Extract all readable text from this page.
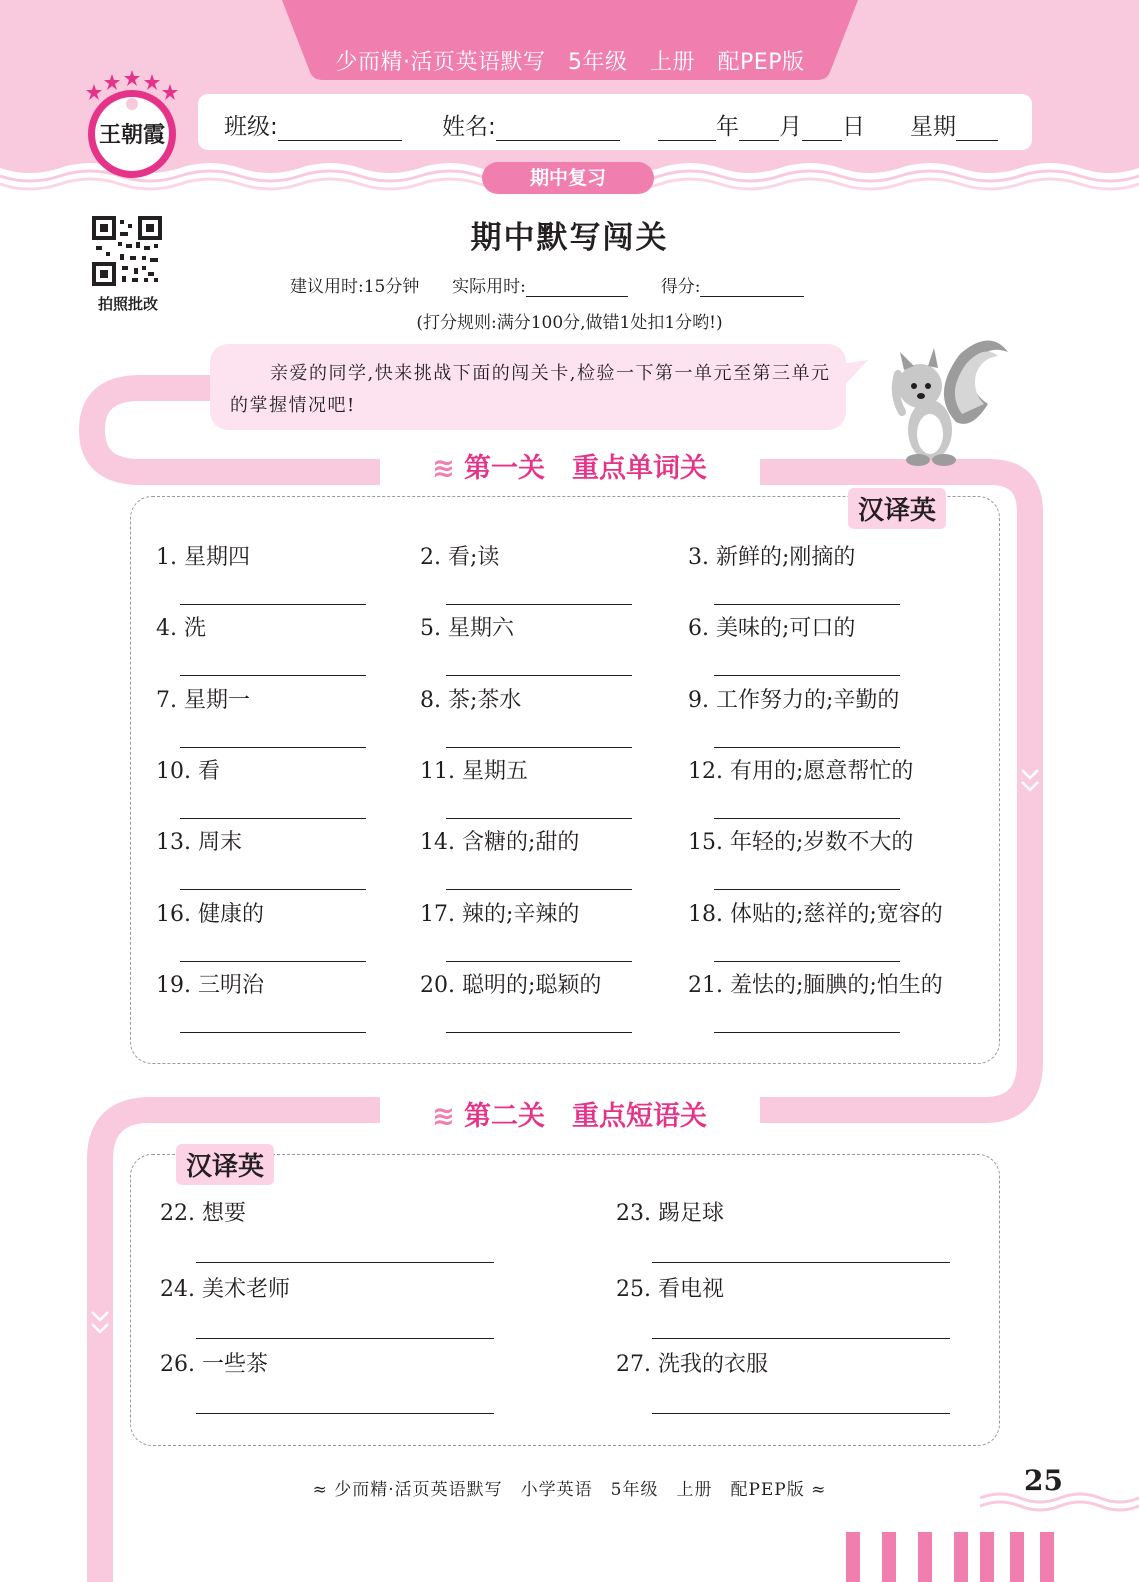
少而精·活页英语默写　5年级　上册　配PEP版
班级:	姓名:	年 月 日 星期
王朝霞
期中复习
拍照批改
期中默写闯关
建议用时:15分钟 实际用时:	得分:
(打分规则:满分100分,做错1处扣1分哟!)
亲爱的同学,快来挑战下面的闯关卡,检验一下第一单元至第三单元的掌握情况吧!
≋ 第一关　重点单词关
汉译英
1. 星期四	2. 看;读	3. 新鲜的;刚摘的
4. 洗	5. 星期六	6. 美味的;可口的
7. 星期一	8. 茶;茶水	9. 工作努力的;辛勤的
10. 看	11. 星期五	12. 有用的;愿意帮忙的
13. 周末	14. 含糖的;甜的	15. 年轻的;岁数不大的
16. 健康的	17. 辣的;辛辣的	18. 体贴的;慈祥的;宽容的
19. 三明治	20. 聪明的;聪颖的	21. 羞怯的;腼腆的;怕生的
≋ 第二关　重点短语关
汉译英
22. 想要	23. 踢足球
24. 美术老师	25. 看电视
26. 一些茶	27. 洗我的衣服
≈ 少而精·活页英语默写　小学英语　5年级　上册　配PEP版 ≈	25
